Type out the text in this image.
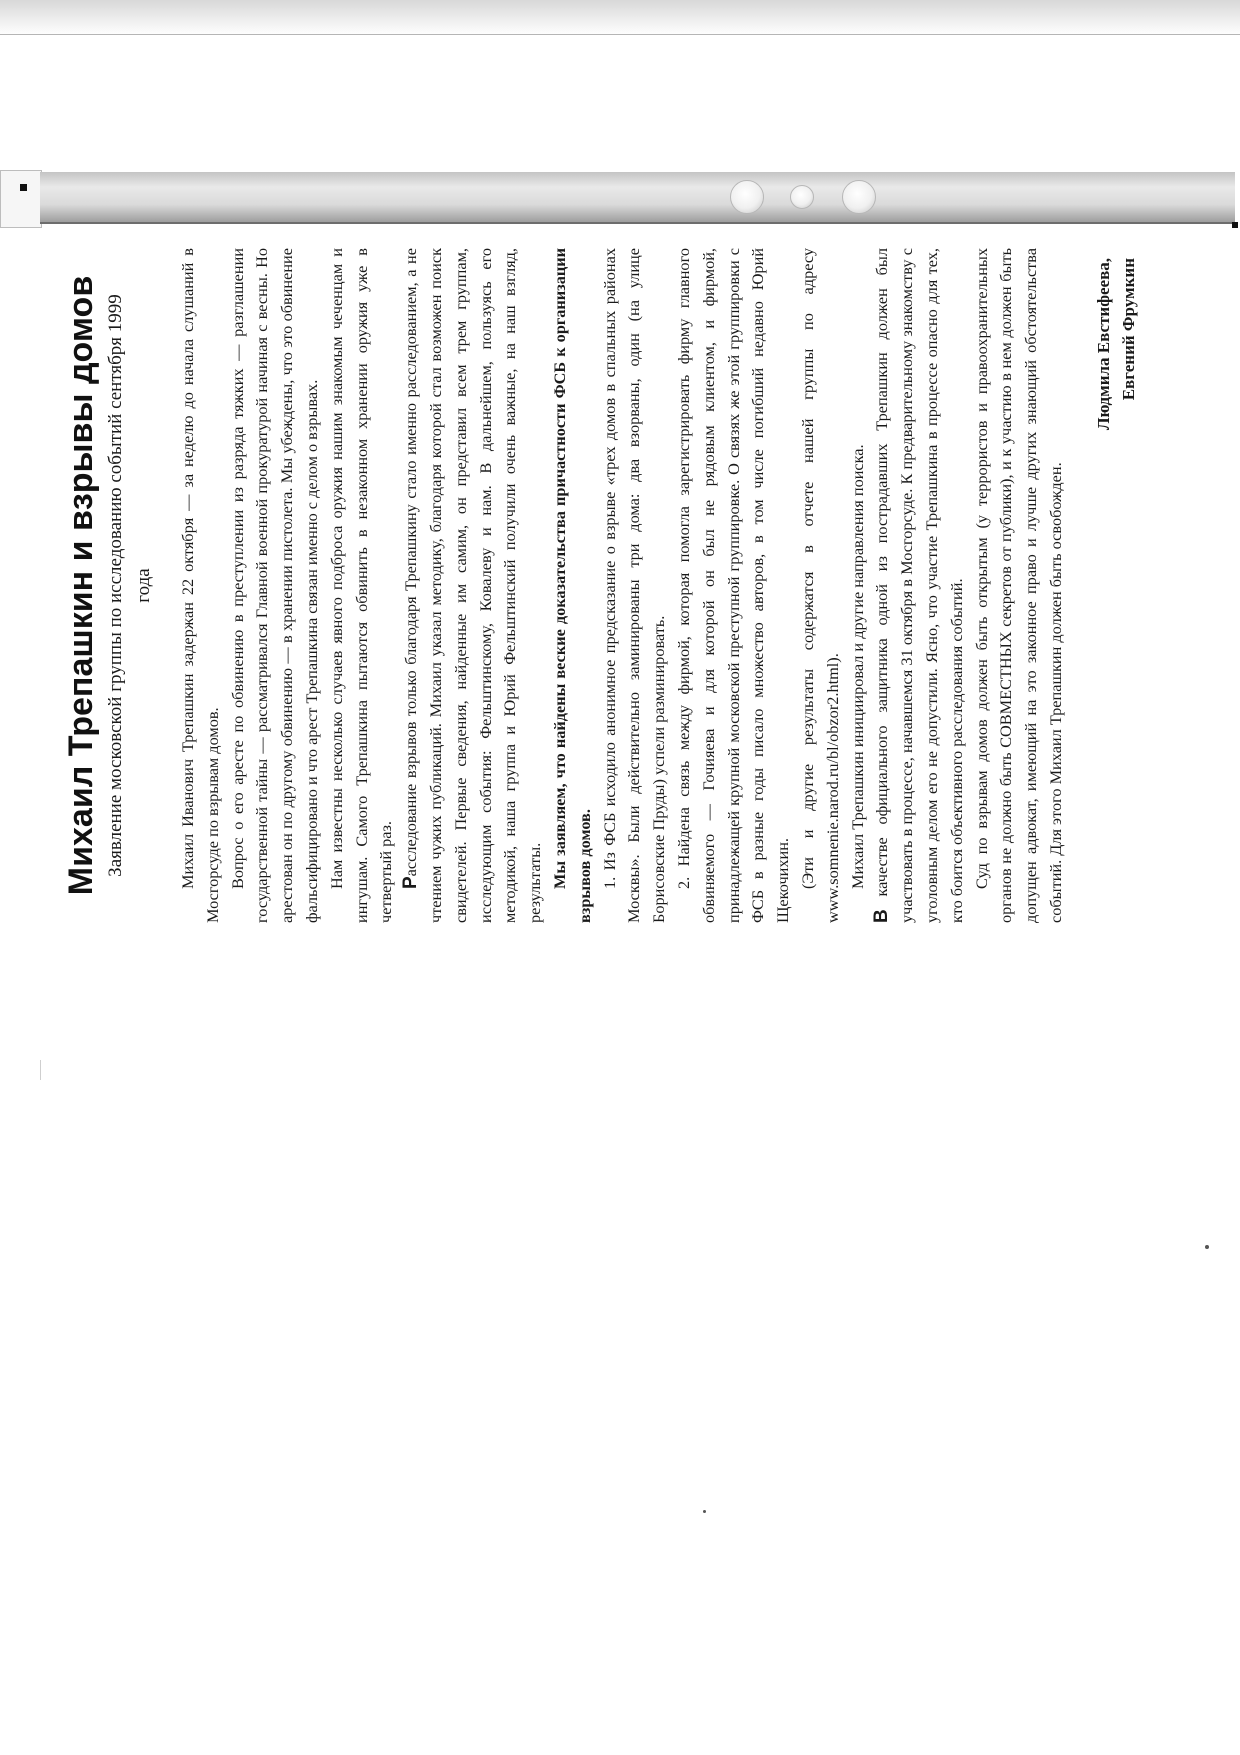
Михаил Трепашкин и взрывы домов Заявление московской группы по исследованию событий сентября 1999 года Михаил Иванович Трепашкин задержан 22 октября — за неделю до начала слушаний в Мосгорсуде по взрывам домов. Вопрос о его аресте по обвинению в преступлении из разряда тяжких — разглашении государственной тайны — рассматривался Главной военной прокуратурой начиная с весны. Но арестован он по другому обвинению — в хранении пистолета. Мы убеждены, что это обвинение фальсифицировано и что арест Трепашкина связан именно с делом о взрывах. Нам известны несколько случаев явного подброса оружия нашим знакомым чеченцам и ингушам. Самого Трепашкина пытаются обвинить в незаконном хранении оружия уже в четвертый раз. Расследование взрывов только благодаря Трепашкину стало именно расследованием, а не чтением чужих публикаций. Михаил указал методику, благодаря которой стал возможен поиск свидетелей. Первые сведения, найденные им самим, он представил всем трем группам, исследующим события: Фельштинскому, Ковалеву и нам. В дальнейшем, пользуясь его методикой, наша группа и Юрий Фельштинский получили очень важные, на наш взгляд, результаты. Мы заявляем, что найдены веские доказательства причастности ФСБ к организации взрывов домов. 1. Из ФСБ исходило анонимное предсказание о взрыве «трех домов в спальных районах Москвы». Были действительно заминированы три дома: два взорваны, один (на улице Борисовские Пруды) успели разминировать. 2. Найдена связь между фирмой, которая помогла зарегистрировать фирму главного обвиняемого — Гочияева и для которой он был не рядовым клиентом, и фирмой, принадлежащей крупной московской преступной группировке. О связях же этой группировки с ФСБ в разные годы писало множество авторов, в том числе погибший недавно Юрий Щекочихин. (Эти и другие результаты содержатся в отчете нашей группы по адресу www.somnenie.narod.ru/bl/obzor2.html). Михаил Трепашкин инициировал и другие направления поиска.

В качестве официального защитника одной из пострадавших Трепашкин должен был участвовать в процессе, начавшемся 31 октября в Мосгорсуде. К предварительному знакомству с уголовным делом его не допустили. Ясно, что участие Трепашкина в процессе опасно для тех, кто боится объективного расследования событий. Суд по взрывам домов должен быть открытым (у террористов и правоохранительных органов не должно быть СОВМЕСТНЫХ секретов от публики), и к участию в нем должен быть допущен адвокат, имеющий на это законное право и лучше других знающий обстоятельства событий. Для этого Михаил Трепашкин должен быть освобожден.

Людмила Евстифеева, Евгений Фрумкин
